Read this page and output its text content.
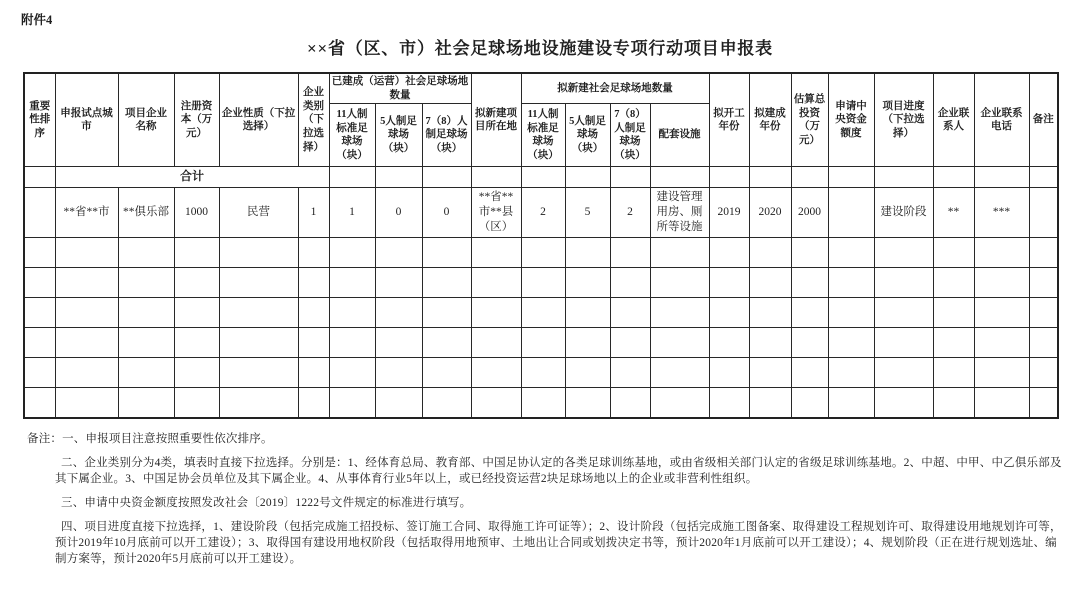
附件4
××省（区、市）社会足球场地设施建设专项行动项目申报表
重要性排序	申报试点城市	项目企业名称	注册资本（万元）	企业性质（下拉选择）	企业类别（下拉选择）	已建成（运营）社会足球场地数量			拟新建项目所在地	拟新建社会足球场地数量				拟开工年份	拟建成年份	估算总投资（万元）	申请中央资金额度	项目进度（下拉选择）	企业联系人	企业联系电话	备注
						11人制标准足球场（块）	5人制足球场（块）	7（8）人制足球场（块）		11人制标准足球场（块）	5人制足球场（块）	7（8）人制足球场（块）	配套设施								
	合计																				
	**省**市	**俱乐部	1000	民营	1	1	0	0	**省**市**县（区）	2	5	2	建设管理用房、厕所等设施	2019	2020	2000		建设阶段	**	***	

备注：一、申报项目注意按照重要性依次排序。

二、企业类别分为4类，填表时直接下拉选择。分别是：1、经体育总局、教育部、中国足协认定的各类足球训练基地，或由省级相关部门认定的省级足球训练基地。2、中超、中甲、中乙俱乐部及其下属企业。3、中国足协会员单位及其下属企业。4、从事体育行业5年以上，或已经投资运营2块足球场地以上的企业或非营利性组织。

三、申请中央资金额度按照发改社会〔2019〕1222号文件规定的标准进行填写。

四、项目进度直接下拉选择，1、建设阶段（包括完成施工招投标、签订施工合同、取得施工许可证等）；2、设计阶段（包括完成施工图备案、取得建设工程规划许可、取得建设用地规划许可等，预计2019年10月底前可以开工建设）；3、取得国有建设用地权阶段（包括取得用地预审、土地出让合同或划拨决定书等，预计2020年1月底前可以开工建设）；4、规划阶段（正在进行规划选址、编制方案等，预计2020年5月底前可以开工建设）。
